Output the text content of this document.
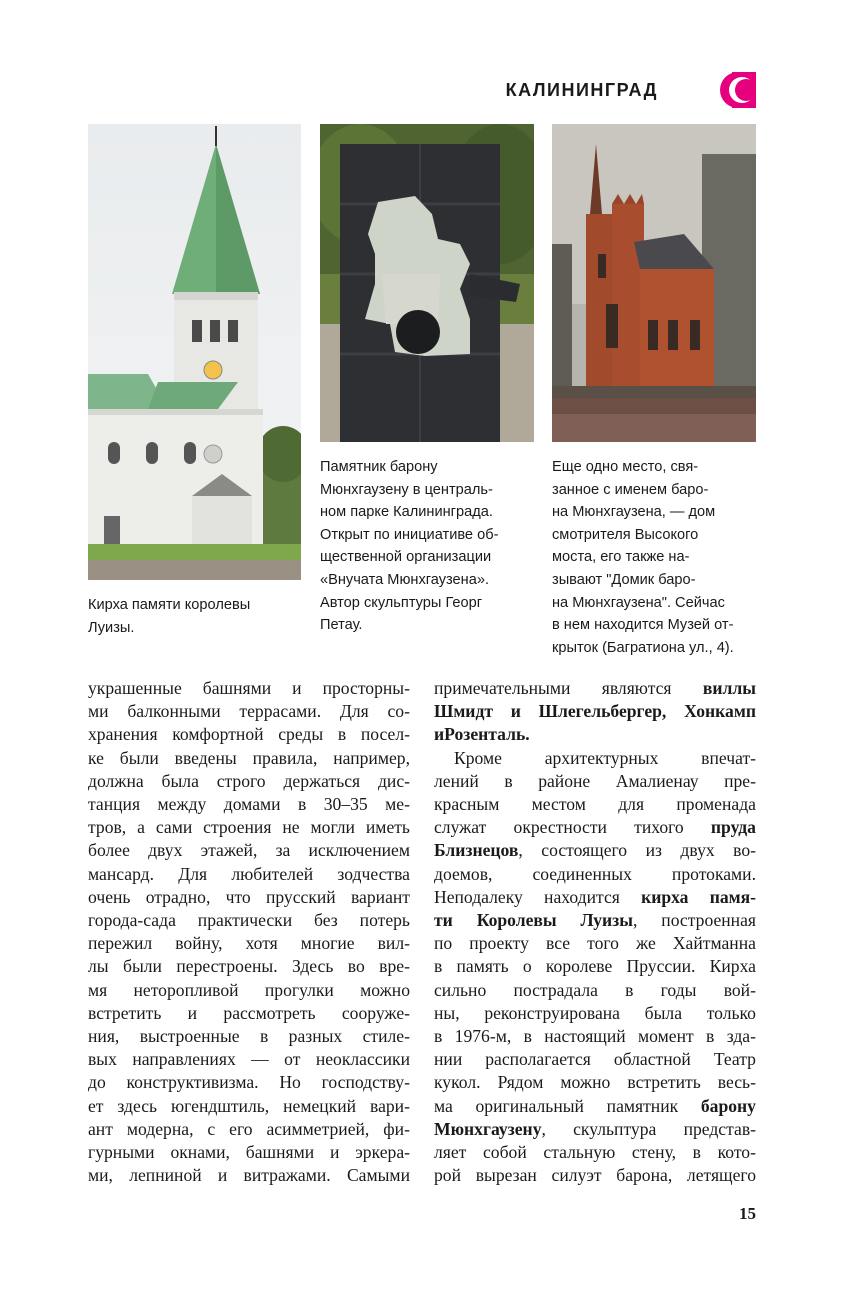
КАЛИНИНГРАД
Кирха памяти королевы
Луизы.
Памятник барону
Мюнхгаузену в централь-
ном парке Калининграда.
Открыт по инициативе об-
щественной организации
«Внучата Мюнхгаузена».
Автор скульптуры Георг
Петау.
Еще одно место, свя-
занное с именем баро-
на Мюнхгаузена, — дом
смотрителя Высокого
моста, его также на-
зывают "Домик баро-
на Мюнхгаузена". Сейчас
в нем находится Музей от-
крыток (Багратиона ул., 4).
украшенные башнями и просторны-
ми балконными террасами. Для со-
хранения комфортной среды в посел-
ке были введены правила, например,
должна была строго держаться дис-
танция между домами в 30–35 ме-
тров, а сами строения не могли иметь
более двух этажей, за исключением
мансард. Для любителей зодчества
очень отрадно, что прусский вариант
города-сада практически без потерь
пережил войну, хотя многие вил-
лы были перестроены. Здесь во вре-
мя неторопливой прогулки можно
встретить и рассмотреть сооруже-
ния, выстроенные в разных стиле-
вых направлениях — от неоклассики
до конструктивизма. Но господству-
ет здесь югендштиль, немецкий вари-
ант модерна, с его асимметрией, фи-
гурными окнами, башнями и эркера-
ми, лепниной и витражами. Самыми
примечательными являются виллы
Шмидт и Шлегельбергер, Хонкамп
и Розенталь.
Кроме архитектурных впечат-
лений в районе Амалиенау пре-
красным местом для променада
служат окрестности тихого пруда
Близнецов, состоящего из двух во-
доемов, соединенных протоками.
Неподалеку находится кирха памя-
ти Королевы Луизы, построенная
по проекту все того же Хайтманна
в память о королеве Пруссии. Кирха
сильно пострадала в годы вой-
ны, реконструирована была только
в 1976-м, в настоящий момент в зда-
нии располагается областной Театр
кукол. Рядом можно встретить весь-
ма оригинальный памятник барону
Мюнхгаузену, скульптура представ-
ляет собой стальную стену, в кото-
рой вырезан силуэт барона, летящего
15
